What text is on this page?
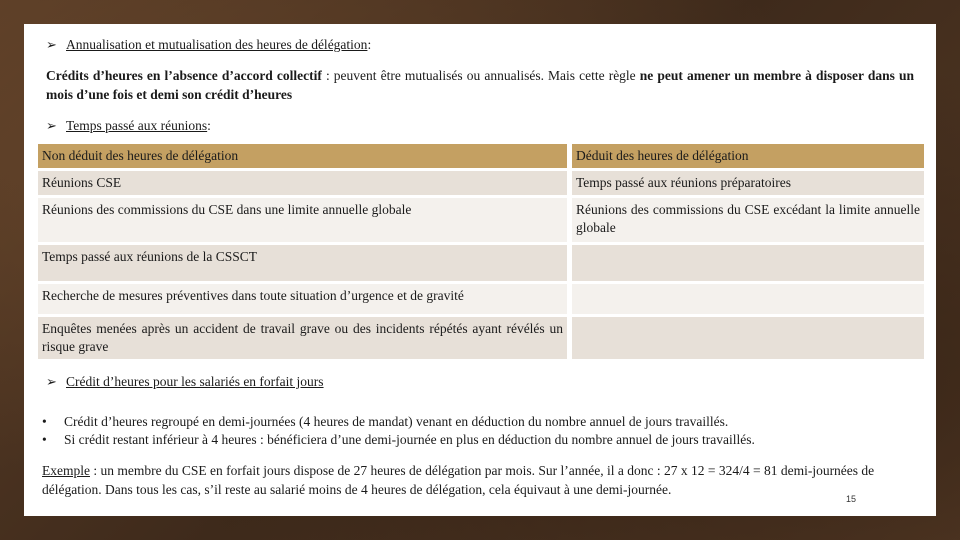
➢ Annualisation et mutualisation des heures de délégation :
Crédits d’heures en l’absence d’accord collectif : peuvent être mutualisés ou annualisés. Mais cette règle ne peut amener un membre à disposer dans un mois d’une fois et demi son crédit d’heures
➢ Temps passé aux réunions :
Non déduit des heures de délégation	Déduit des heures de délégation
Réunions CSE	Temps passé aux réunions préparatoires
Réunions des commissions du CSE dans une limite annuelle globale	Réunions des commissions du CSE excédant la limite annuelle globale
Temps passé aux réunions de la CSSCT
Recherche de mesures préventives dans toute situation d’urgence et de gravité
Enquêtes menées après un accident de travail grave ou des incidents répétés ayant révélés un risque grave
➢ Crédit d’heures pour les salariés en forfait jours
•	Crédit d’heures regroupé en demi-journées (4 heures de mandat) venant en déduction du nombre annuel de jours travaillés.
•	Si crédit restant inférieur à 4 heures : bénéficiera d’une demi-journée en plus en déduction du nombre annuel de jours travaillés.
Exemple : un membre du CSE en forfait jours dispose de 27 heures de délégation par mois. Sur l’année, il a donc : 27 x 12 = 324/4 = 81 demi-journées de délégation. Dans tous les cas, s’il reste au salarié moins de 4 heures de délégation, cela équivaut à une demi-journée.
15
